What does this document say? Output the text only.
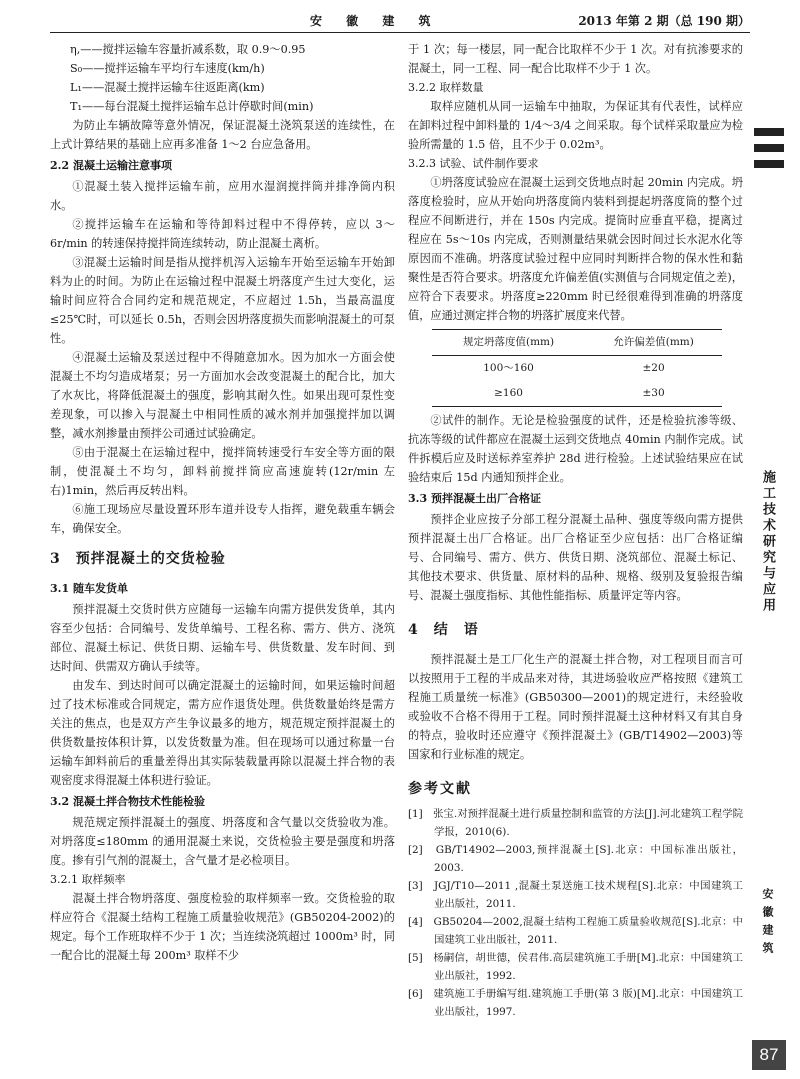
安 徽 建 筑	2013 年第 2 期（总 190 期）

η,——搅拌运输车容量折减系数，取 0.9～0.95

S₀——搅拌运输车平均行车速度(km/h)

L₁——混凝土搅拌运输车往返距离(km)

T₁——每台混凝土搅拌运输车总计停歇时间(min)

为防止车辆故障等意外情况，保证混凝土浇筑泵送的连续性，在上式计算结果的基础上应再多准备 1～2 台应急备用。

2.2 混凝土运输注意事项

①混凝土装入搅拌运输车前，应用水湿润搅拌筒并排净筒内积水。

②搅拌运输车在运输和等待卸料过程中不得停转，应以 3～6r/min 的转速保持搅拌筒连续转动，防止混凝土离析。

③混凝土运输时间是指从搅拌机泻入运输车开始至运输车开始卸料为止的时间。为防止在运输过程中混凝土坍落度产生过大变化，运输时间应符合合同约定和规范规定，不应超过 1.5h，当最高温度≤25℃时，可以延长 0.5h，否则会因坍落度损失而影响混凝土的可泵性。

④混凝土运输及泵送过程中不得随意加水。因为加水一方面会使混凝土不均匀造成堵泵；另一方面加水会改变混凝土的配合比，加大了水灰比，将降低混凝土的强度，影响其耐久性。如果出现可泵性变差现象，可以掺入与混凝土中相同性质的减水剂并加强搅拌加以调整，减水剂掺量由预拌公司通过试验确定。

⑤由于混凝土在运输过程中，搅拌筒转速受行车安全等方面的限制，使混凝土不均匀，卸料前搅拌筒应高速旋转(12r/min 左右)1min，然后再反转出料。

⑥施工现场应尽量设置环形车道并设专人指挥，避免载重车辆会车，确保安全。

3　预拌混凝土的交货检验

3.1 随车发货单

预拌混凝土交货时供方应随每一运输车向需方提供发货单，其内容至少包括：合同编号、发货单编号、工程名称、需方、供方、浇筑部位、混凝土标记、供货日期、运输车号、供货数量、发车时间、到达时间、供需双方确认手续等。

由发车、到达时间可以确定混凝土的运输时间，如果运输时间超过了技术标准或合同规定，需方应作退货处理。供货数量始终是需方关注的焦点，也是双方产生争议最多的地方，规范规定预拌混凝土的供货数量按体积计算，以发货数量为准。但在现场可以通过称量一台运输车卸料前后的重量差得出其实际装载量再除以混凝土拌合物的表观密度求得混凝土体积进行验证。

3.2 混凝土拌合物技术性能检验

规范规定预拌混凝土的强度、坍落度和含气量以交货验收为准。对坍落度≤180mm 的通用混凝土来说，交货检验主要是强度和坍落度。掺有引气剂的混凝土，含气量才是必检项目。

3.2.1 取样频率

混凝土拌合物坍落度、强度检验的取样频率一致。交货检验的取样应符合《混凝土结构工程施工质量验收规范》(GB50204-2002)的规定。每个工作班取样不少于 1 次；当连续浇筑超过 1000m³ 时，同一配合比的混凝土每 200m³ 取样不少

于 1 次；每一楼层，同一配合比取样不少于 1 次。对有抗渗要求的混凝土，同一工程、同一配合比取样不少于 1 次。

3.2.2 取样数量

取样应随机从同一运输车中抽取，为保证其有代表性，试样应在卸料过程中卸料量的 1/4～3/4 之间采取。每个试样采取量应为检验所需量的 1.5 倍，且不少于 0.02m³。

3.2.3 试验、试件制作要求

①坍落度试验应在混凝土运到交货地点时起 20min 内完成。坍落度检验时，应从开始向坍落度筒内装料到提起坍落度筒的整个过程应不间断进行，并在 150s 内完成。提筒时应垂直平稳，提离过程应在 5s～10s 内完成，否则测量结果就会因时间过长水泥水化等原因而不准确。坍落度试验过程中应同时判断拌合物的保水性和黏聚性是否符合要求。坍落度允许偏差值(实测值与合同规定值之差)，应符合下表要求。坍落度≥220mm 时已经很难得到准确的坍落度值，应通过测定拌合物的坍落扩展度来代替。

规定坍落度值(mm)	允许偏差值(mm)
100～160	±20
≥160	±30

②试件的制作。无论是检验强度的试件，还是检验抗渗等级、抗冻等级的试件都应在混凝土运到交货地点 40min 内制作完成。试件拆模后应及时送标养室养护 28d 进行检验。上述试验结果应在试验结束后 15d 内通知预拌企业。

3.3 预拌混凝土出厂合格证

预拌企业应按子分部工程分混凝土品种、强度等级向需方提供预拌混凝土出厂合格证。出厂合格证至少应包括：出厂合格证编号、合同编号、需方、供方、供货日期、浇筑部位、混凝土标记、其他技术要求、供货量、原材料的品种、规格、级别及复验报告编号、混凝土强度指标、其他性能指标、质量评定等内容。

4　结　语

预拌混凝土是工厂化生产的混凝土拌合物，对工程项目而言可以按照用于工程的半成品来对待，其进场验收应严格按照《建筑工程施工质量统一标准》(GB50300—2001)的规定进行，未经验收或验收不合格不得用于工程。同时预拌混凝土这种材料又有其自身的特点，验收时还应遵守《预拌混凝土》(GB/T14902—2003)等国家和行业标准的规定。

参考文献

[1]　张宝.对预拌混凝土进行质量控制和监管的方法[J].河北建筑工程学院学报，2010(6).

[2]　GB/T14902—2003,预拌混凝土[S].北京：中国标准出版社，2003.

[3]　JGJ/T10—2011 ,混凝土泵送施工技术规程[S].北京：中国建筑工业出版社，2011.

[4]　GB50204—2002,混凝土结构工程施工质量验收规范[S].北京：中国建筑工业出版社，2011.

[5]　杨嗣信，胡世德，侯君伟.高层建筑施工手册[M].北京：中国建筑工业出版社，1992.

[6]　建筑施工手册编写组.建筑施工手册(第 3 版)[M].北京：中国建筑工业出版社，1997.

施工技术研究与应用
安徽建筑
87
